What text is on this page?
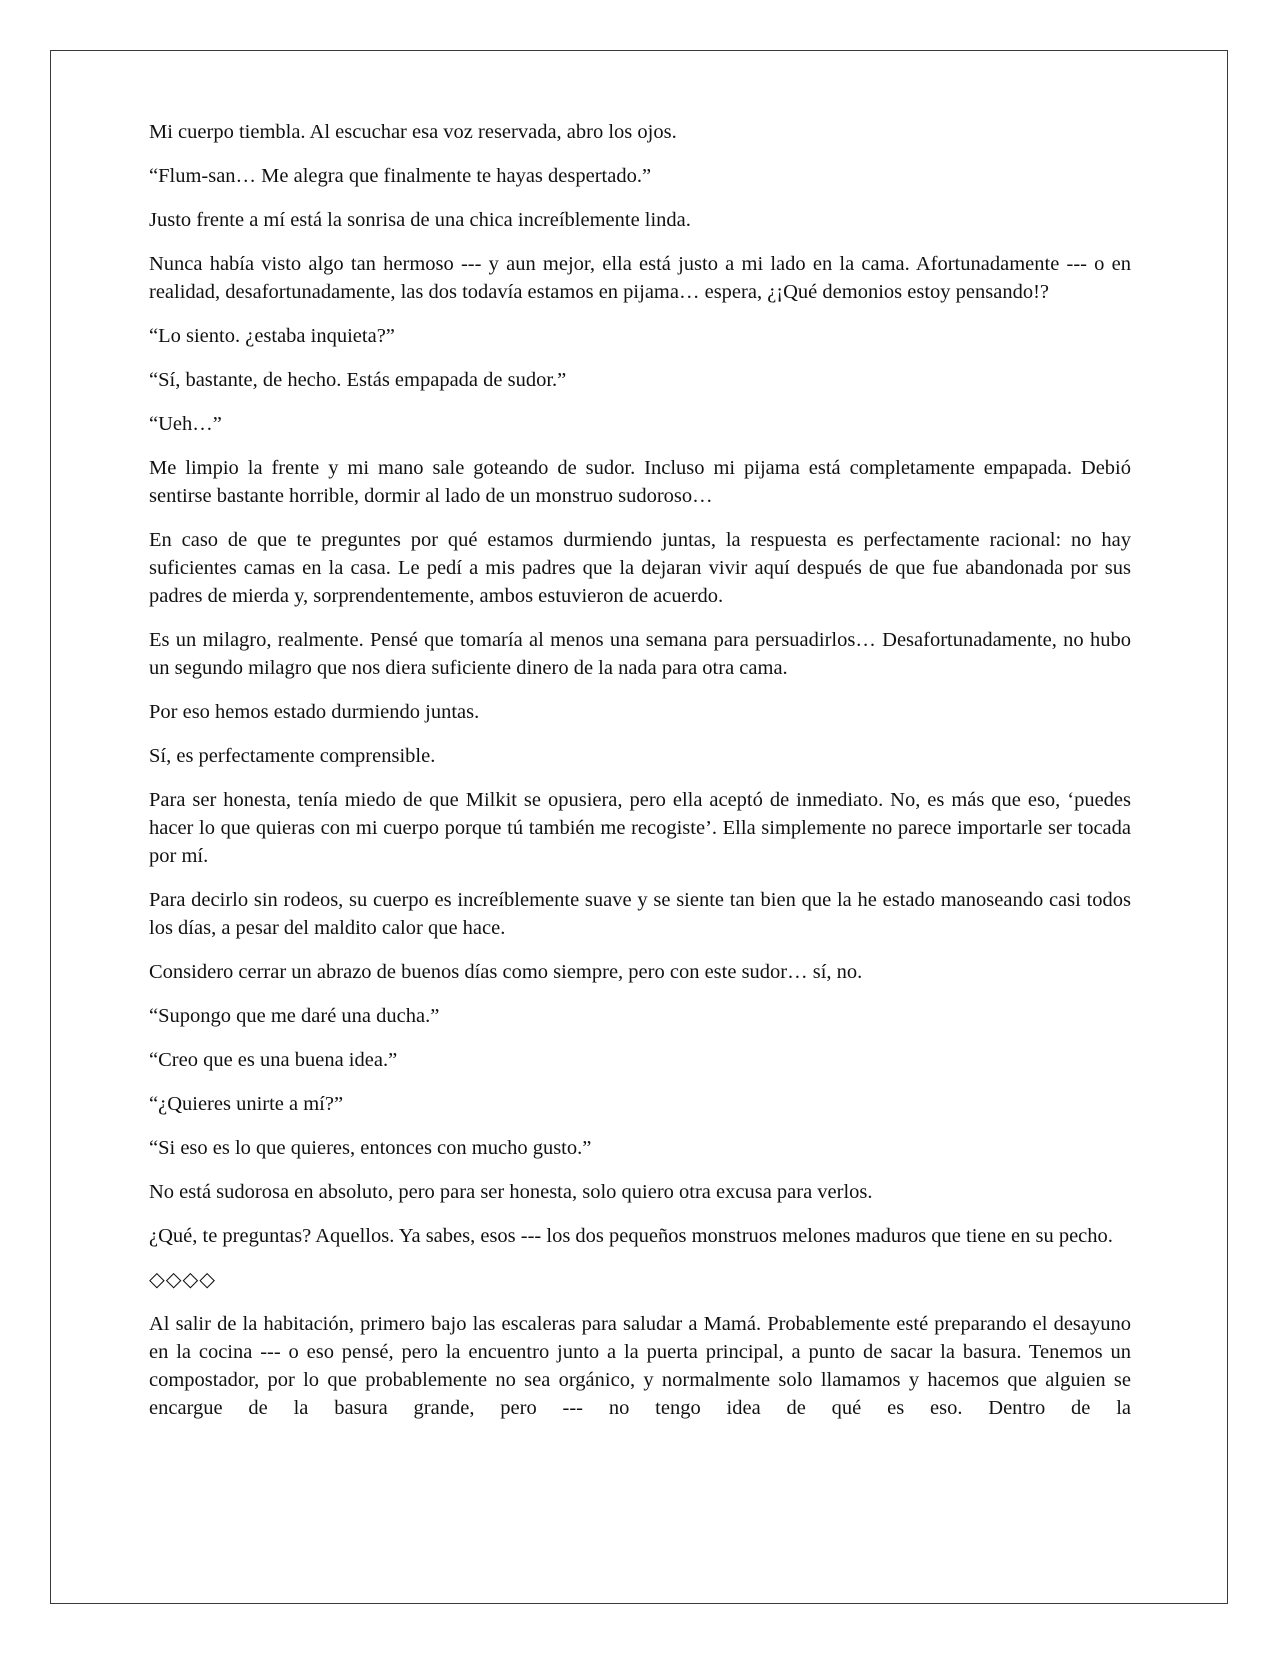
Mi cuerpo tiembla. Al escuchar esa voz reservada, abro los ojos.

“Flum-san… Me alegra que finalmente te hayas despertado.”

Justo frente a mí está la sonrisa de una chica increíblemente linda.

Nunca había visto algo tan hermoso --- y aun mejor, ella está justo a mi lado en la cama. Afortunadamente --- o en realidad, desafortunadamente, las dos todavía estamos en pijama… espera, ¿¡Qué demonios estoy pensando!?

“Lo siento. ¿estaba inquieta?”

“Sí, bastante, de hecho. Estás empapada de sudor.”

“Ueh…”

Me limpio la frente y mi mano sale goteando de sudor. Incluso mi pijama está completamente empapada. Debió sentirse bastante horrible, dormir al lado de un monstruo sudoroso…

En caso de que te preguntes por qué estamos durmiendo juntas, la respuesta es perfectamente racional: no hay suficientes camas en la casa. Le pedí a mis padres que la dejaran vivir aquí después de que fue abandonada por sus padres de mierda y, sorprendentemente, ambos estuvieron de acuerdo.

Es un milagro, realmente. Pensé que tomaría al menos una semana para persuadirlos… Desafortunadamente, no hubo un segundo milagro que nos diera suficiente dinero de la nada para otra cama.

Por eso hemos estado durmiendo juntas.

Sí, es perfectamente comprensible.

Para ser honesta, tenía miedo de que Milkit se opusiera, pero ella aceptó de inmediato. No, es más que eso, ‘puedes hacer lo que quieras con mi cuerpo porque tú también me recogiste’. Ella simplemente no parece importarle ser tocada por mí.

Para decirlo sin rodeos, su cuerpo es increíblemente suave y se siente tan bien que la he estado manoseando casi todos los días, a pesar del maldito calor que hace.

Considero cerrar un abrazo de buenos días como siempre, pero con este sudor… sí, no.

“Supongo que me daré una ducha.”

“Creo que es una buena idea.”

“¿Quieres unirte a mí?”

“Si eso es lo que quieres, entonces con mucho gusto.”

No está sudorosa en absoluto, pero para ser honesta, solo quiero otra excusa para verlos.

¿Qué, te preguntas? Aquellos. Ya sabes, esos --- los dos pequeños monstruos melones maduros que tiene en su pecho.

◇◇◇◇

Al salir de la habitación, primero bajo las escaleras para saludar a Mamá. Probablemente esté preparando el desayuno en la cocina --- o eso pensé, pero la encuentro junto a la puerta principal, a punto de sacar la basura. Tenemos un compostador, por lo que probablemente no sea orgánico, y normalmente solo llamamos y hacemos que alguien se encargue de la basura grande, pero --- no tengo idea de qué es eso. Dentro de la
